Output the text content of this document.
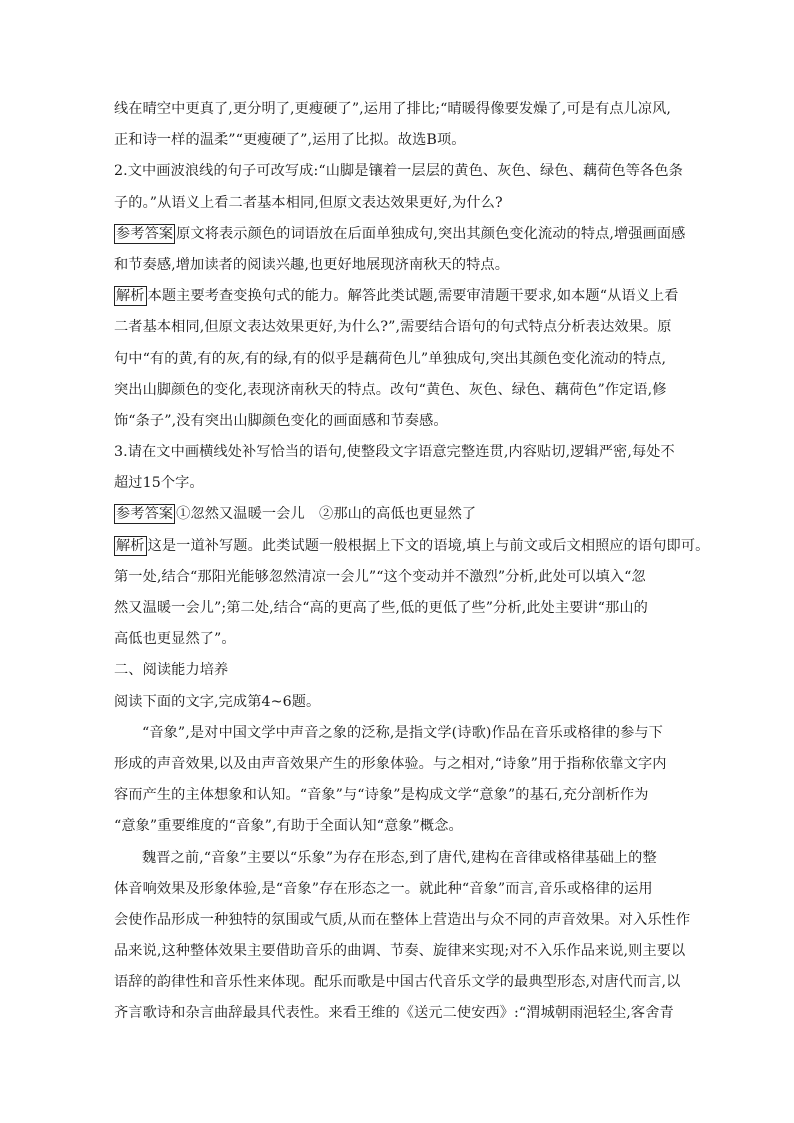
线在晴空中更真了,更分明了,更瘦硬了”,运用了排比;“晴暖得像要发燥了,可是有点儿凉风,
正和诗一样的温柔”“更瘦硬了”,运用了比拟。故选B项。
2.文中画波浪线的句子可改写成:“山脚是镶着一层层的黄色、灰色、绿色、藕荷色等各色条
子的。”从语义上看二者基本相同,但原文表达效果更好,为什么?
参考答案 原文将表示颜色的词语放在后面单独成句,突出其颜色变化流动的特点,增强画面感
和节奏感,增加读者的阅读兴趣,也更好地展现济南秋天的特点。
解析 本题主要考查变换句式的能力。解答此类试题,需要审清题干要求,如本题“从语义上看
二者基本相同,但原文表达效果更好,为什么?”,需要结合语句的句式特点分析表达效果。原
句中“有的黄,有的灰,有的绿,有的似乎是藕荷色儿”单独成句,突出其颜色变化流动的特点,
突出山脚颜色的变化,表现济南秋天的特点。改句“黄色、灰色、绿色、藕荷色”作定语,修
饰“条子”,没有突出山脚颜色变化的画面感和节奏感。
3.请在文中画横线处补写恰当的语句,使整段文字语意完整连贯,内容贴切,逻辑严密,每处不
超过15个字。
参考答案 ①忽然又温暖一会儿　②那山的高低也更显然了
解析 这是一道补写题。此类试题一般根据上下文的语境,填上与前文或后文相照应的语句即可。
第一处,结合“那阳光能够忽然清凉一会儿”“这个变动并不激烈”分析,此处可以填入“忽
然又温暖一会儿”;第二处,结合“高的更高了些,低的更低了些”分析,此处主要讲“那山的
高低也更显然了”。
二、阅读能力培养
阅读下面的文字,完成第4~6题。
“音象”,是对中国文学中声音之象的泛称,是指文学(诗歌)作品在音乐或格律的参与下
形成的声音效果,以及由声音效果产生的形象体验。与之相对,“诗象”用于指称依靠文字内
容而产生的主体想象和认知。“音象”与“诗象”是构成文学“意象”的基石,充分剖析作为
“意象”重要维度的“音象”,有助于全面认知“意象”概念。
魏晋之前,“音象”主要以“乐象”为存在形态,到了唐代,建构在音律或格律基础上的整
体音响效果及形象体验,是“音象”存在形态之一。就此种“音象”而言,音乐或格律的运用
会使作品形成一种独特的氛围或气质,从而在整体上营造出与众不同的声音效果。对入乐性作
品来说,这种整体效果主要借助音乐的曲调、节奏、旋律来实现;对不入乐作品来说,则主要以
语辞的韵律性和音乐性来体现。配乐而歌是中国古代音乐文学的最典型形态,对唐代而言,以
齐言歌诗和杂言曲辞最具代表性。来看王维的《送元二使安西》:“渭城朝雨浥轻尘,客舍青
